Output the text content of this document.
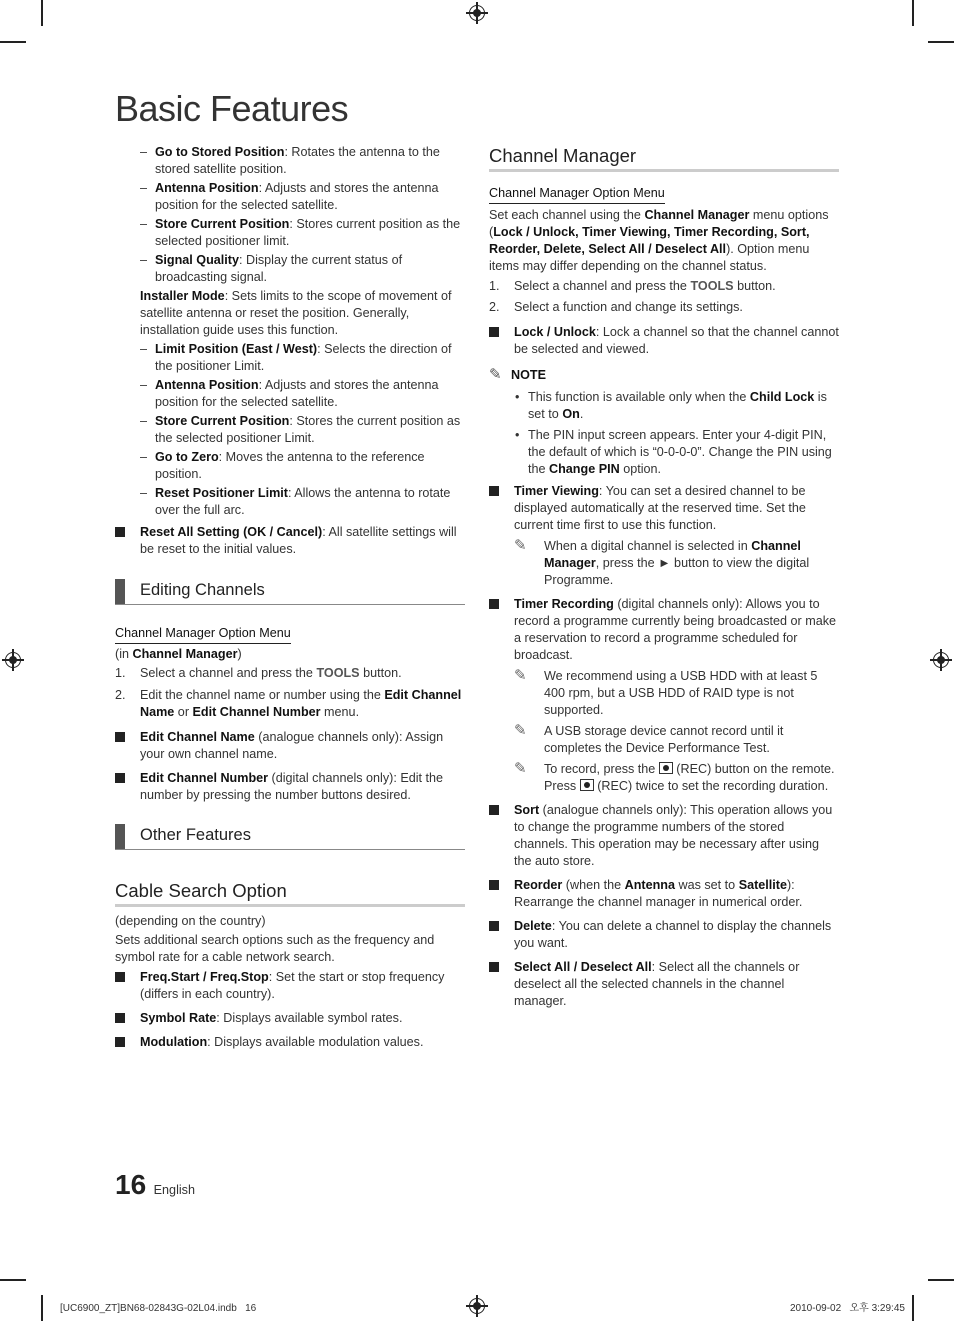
Basic Features

– Go to Stored Position: Rotates the antenna to the stored satellite position.

– Antenna Position: Adjusts and stores the antenna position for the selected satellite.

– Store Current Position: Stores current position as the selected positioner limit.

– Signal Quality: Display the current status of broadcasting signal.

Installer Mode: Sets limits to the scope of movement of satellite antenna or reset the position. Generally, installation guide uses this function.

– Limit Position (East / West): Selects the direction of the positioner Limit.

– Antenna Position: Adjusts and stores the antenna position for the selected satellite.

– Store Current Position: Stores the current position as the selected positioner Limit.

– Go to Zero: Moves the antenna to the reference position.

– Reset Positioner Limit: Allows the antenna to rotate over the full arc.

Reset All Setting (OK / Cancel): All satellite settings will be reset to the initial values.

Editing Channels

Channel Manager Option Menu

(in Channel Manager)

1. Select a channel and press the TOOLS button.

2. Edit the channel name or number using the Edit Channel Name or Edit Channel Number menu.

Edit Channel Name (analogue channels only): Assign your own channel name.

Edit Channel Number (digital channels only): Edit the number by pressing the number buttons desired.

Other Features
Cable Search Option

(depending on the country)

Sets additional search options such as the frequency and symbol rate for a cable network search.

Freq.Start / Freq.Stop: Set the start or stop frequency (differs in each country).

Symbol Rate: Displays available symbol rates.

Modulation: Displays available modulation values.

Channel Manager

Channel Manager Option Menu

Set each channel using the Channel Manager menu options (Lock / Unlock, Timer Viewing, Timer Recording, Sort, Reorder, Delete, Select All / Deselect All). Option menu items may differ depending on the channel status.

1. Select a channel and press the TOOLS button.

2. Select a function and change its settings.

Lock / Unlock: Lock a channel so that the channel cannot be selected and viewed.

✎ NOTE

• This function is available only when the Child Lock is set to On.

• The PIN input screen appears. Enter your 4-digit PIN, the default of which is “0-0-0-0”. Change the PIN using the Change PIN option.

Timer Viewing: You can set a desired channel to be displayed automatically at the reserved time. Set the current time first to use this function.

✎ When a digital channel is selected in Channel Manager, press the ► button to view the digital Programme.

Timer Recording (digital channels only): Allows you to record a programme currently being broadcasted or make a reservation to record a programme scheduled for broadcast.

✎ We recommend using a USB HDD with at least 5 400 rpm, but a USB HDD of RAID type is not supported.

✎ A USB storage device cannot record until it completes the Device Performance Test.

✎ To record, press the  (REC) button on the remote. Press  (REC) twice to set the recording duration.

Sort (analogue channels only): This operation allows you to change the programme numbers of the stored channels. This operation may be necessary after using the auto store.

Reorder (when the Antenna was set to Satellite): Rearrange the channel manager in numerical order.

Delete: You can delete a channel to display the channels you want.

Select All / Deselect All: Select all the channels or deselect all the selected channels in the channel manager.

16 English
[UC6900_ZT]BN68-02843G-02L04.indb   16	2010-09-02   오후 3:29:45
